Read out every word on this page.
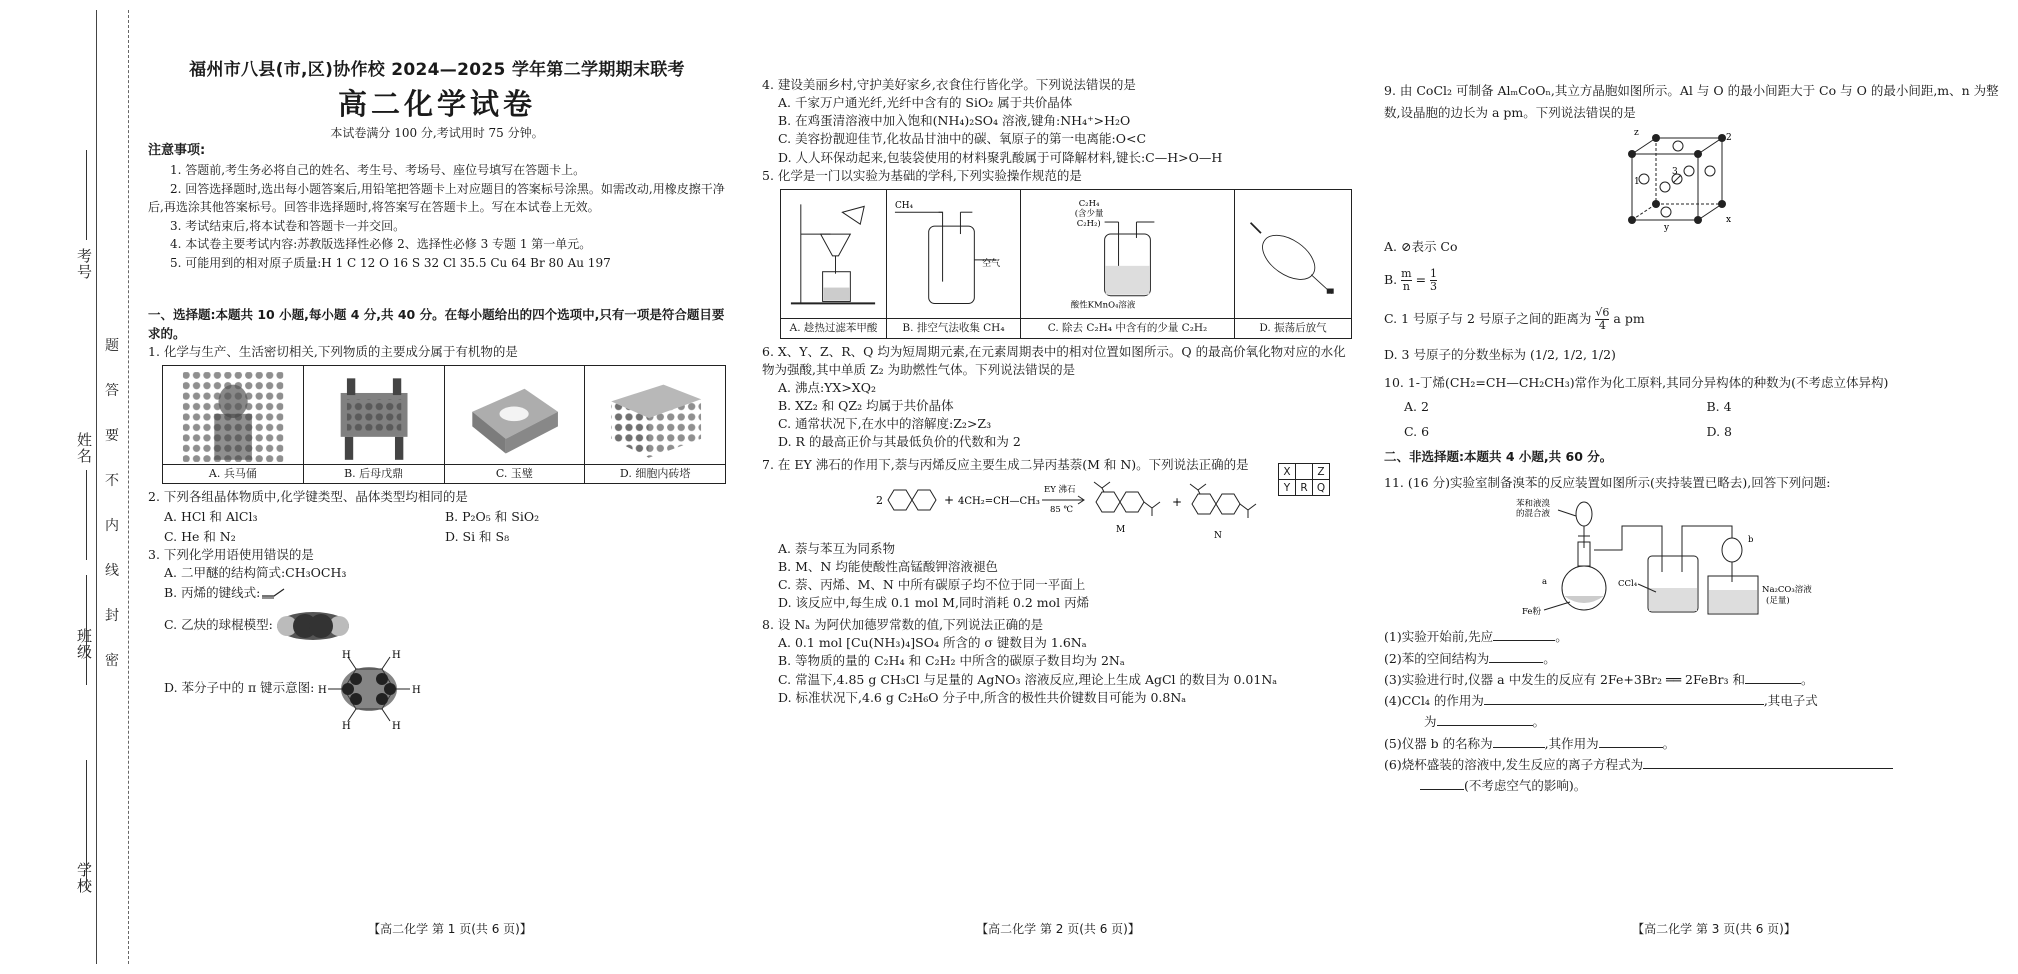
考号
姓名
班级
学校
题
答
要
不
内
线
封
密

福州市八县(市,区)协作校 2024—2025 学年第二学期期末联考

高二化学试卷

本试卷满分 100 分,考试用时 75 分钟。

注意事项:

1. 答题前,考生务必将自己的姓名、考生号、考场号、座位号填写在答题卡上。

2. 回答选择题时,选出每小题答案后,用铅笔把答题卡上对应题目的答案标号涂黑。如需改动,用橡皮擦干净后,再选涂其他答案标号。回答非选择题时,将答案写在答题卡上。写在本试卷上无效。

3. 考试结束后,将本试卷和答题卡一并交回。

4. 本试卷主要考试内容:苏教版选择性必修 2、选择性必修 3 专题 1 第一单元。

5. 可能用到的相对原子质量:H 1 C 12 O 16 S 32 Cl 35.5 Cu 64 Br 80 Au 197

一、选择题:本题共 10 小题,每小题 4 分,共 40 分。在每小题给出的四个选项中,只有一项是符合题目要求的。

1. 化学与生产、生活密切相关,下列物质的主要成分属于有机物的是

A. 兵马俑	B. 后母戊鼎	C. 玉璧	D. 细胞内砖塔

2. 下列各组晶体物质中,化学键类型、晶体类型均相同的是

A. HCl 和 AlCl₃	B. P₂O₅ 和 SiO₂
C. He 和 N₂	D. Si 和 S₈

3. 下列化学用语使用错误的是

A. 二甲醚的结构简式:CH₃OCH₃

B. 丙烯的键线式:
C. 乙炔的球棍模型:
D. 苯分子中的 π 键示意图:
H	H
H	H
H	H
【高二化学 第 1 页(共 6 页)】

4. 建设美丽乡村,守护美好家乡,衣食住行皆化学。下列说法错误的是

A. 千家万户通光纤,光纤中含有的 SiO₂ 属于共价晶体

B. 在鸡蛋清溶液中加入饱和(NH₄)₂SO₄ 溶液,键角:NH₄⁺>H₂O

C. 美容扮靓迎佳节,化妆品甘油中的碳、氧原子的第一电离能:O<C

D. 人人环保动起来,包装袋使用的材料聚乳酸属于可降解材料,键长:C—H>O—H

5. 化学是一门以实验为基础的学科,下列实验操作规范的是

A. 趁热过滤苯甲酸
CH₄
空气
B. 排空气法收集 CH₄
C₂H₄
(含少量
C₂H₂)
酸性KMnO₄溶液
C. 除去 C₂H₄ 中含有的少量 C₂H₂	D. 振荡后放气

6. X、Y、Z、R、Q 均为短周期元素,在元素周期表中的相对位置如图所示。Q 的最高价氧化物对应的水化物为强酸,其中单质 Z₂ 为助燃性气体。下列说法错误的是

A. 沸点:YX>XQ₂

B. XZ₂ 和 QZ₂ 均属于共价晶体

C. 通常状况下,在水中的溶解度:Z₂>Z₃

D. R 的最高正价与其最低负价的代数和为 2

7. 在 EY 沸石的作用下,萘与丙烯反应主要生成二异丙基萘(M 和 N)。下列说法正确的是

2	+ 4CH₂=CH—CH₃
EY 沸石
85 ℃
M
+
N

A. 萘与苯互为同系物

B. M、N 均能使酸性高锰酸钾溶液褪色

C. 萘、丙烯、M、N 中所有碳原子均不位于同一平面上

D. 该反应中,每生成 0.1 mol M,同时消耗 0.2 mol 丙烯

8. 设 Nₐ 为阿伏加德罗常数的值,下列说法正确的是

A. 0.1 mol [Cu(NH₃)₄]SO₄ 所含的 σ 键数目为 1.6Nₐ

B. 等物质的量的 C₂H₄ 和 C₂H₂ 中所含的碳原子数目均为 2Nₐ

C. 常温下,4.85 g CH₃Cl 与足量的 AgNO₃ 溶液反应,理论上生成 AgCl 的数目为 0.01Nₐ

D. 标准状况下,4.6 g C₂H₆O 分子中,所含的极性共价键数目可能为 0.8Nₐ

X		Z
Y	R	Q
【高二化学 第 2 页(共 6 页)】

9. 由 CoCl₂ 可制备 AlₘCoOₙ,其立方晶胞如图所示。Al 与 O 的最小间距大于 Co 与 O 的最小间距,m、n 为整数,设晶胞的边长为 a pm。下列说法错误的是

z
1
2
3
x
y

A. ⊘表示 Co

B. $\frac{m}{n} = \frac{1}{3}$

C. 1 号原子与 2 号原子之间的距离为 $\frac{√6}{4}$ a pm

D. 3 号原子的分数坐标为 (1/2, 1/2, 1/2)

10. 1-丁烯(CH₂=CH—CH₂CH₃)常作为化工原料,其同分异构体的种数为(不考虑立体异构)

A. 2	B. 4
C. 6	D. 8

二、非选择题:本题共 4 小题,共 60 分。

11. (16 分)实验室制备溴苯的反应装置如图所示(夹持装置已略去),回答下列问题:

苯和液溴
的混合液
a
Fe粉
CCl₄
b
Na₂CO₃溶液
(足量)

(1)实验开始前,先应	。

(2)苯的空间结构为	。

(3)实验进行时,仪器 a 中发生的反应有 2Fe+3Br₂ ══ 2FeBr₃ 和	。

(4)CCl₄ 的作用为	,其电子式

为	。

(5)仪器 b 的名称为	,其作用为	。

(6)烧杯盛装的溶液中,发生反应的离子方程式为

(不考虑空气的影响)。

【高二化学 第 3 页(共 6 页)】
